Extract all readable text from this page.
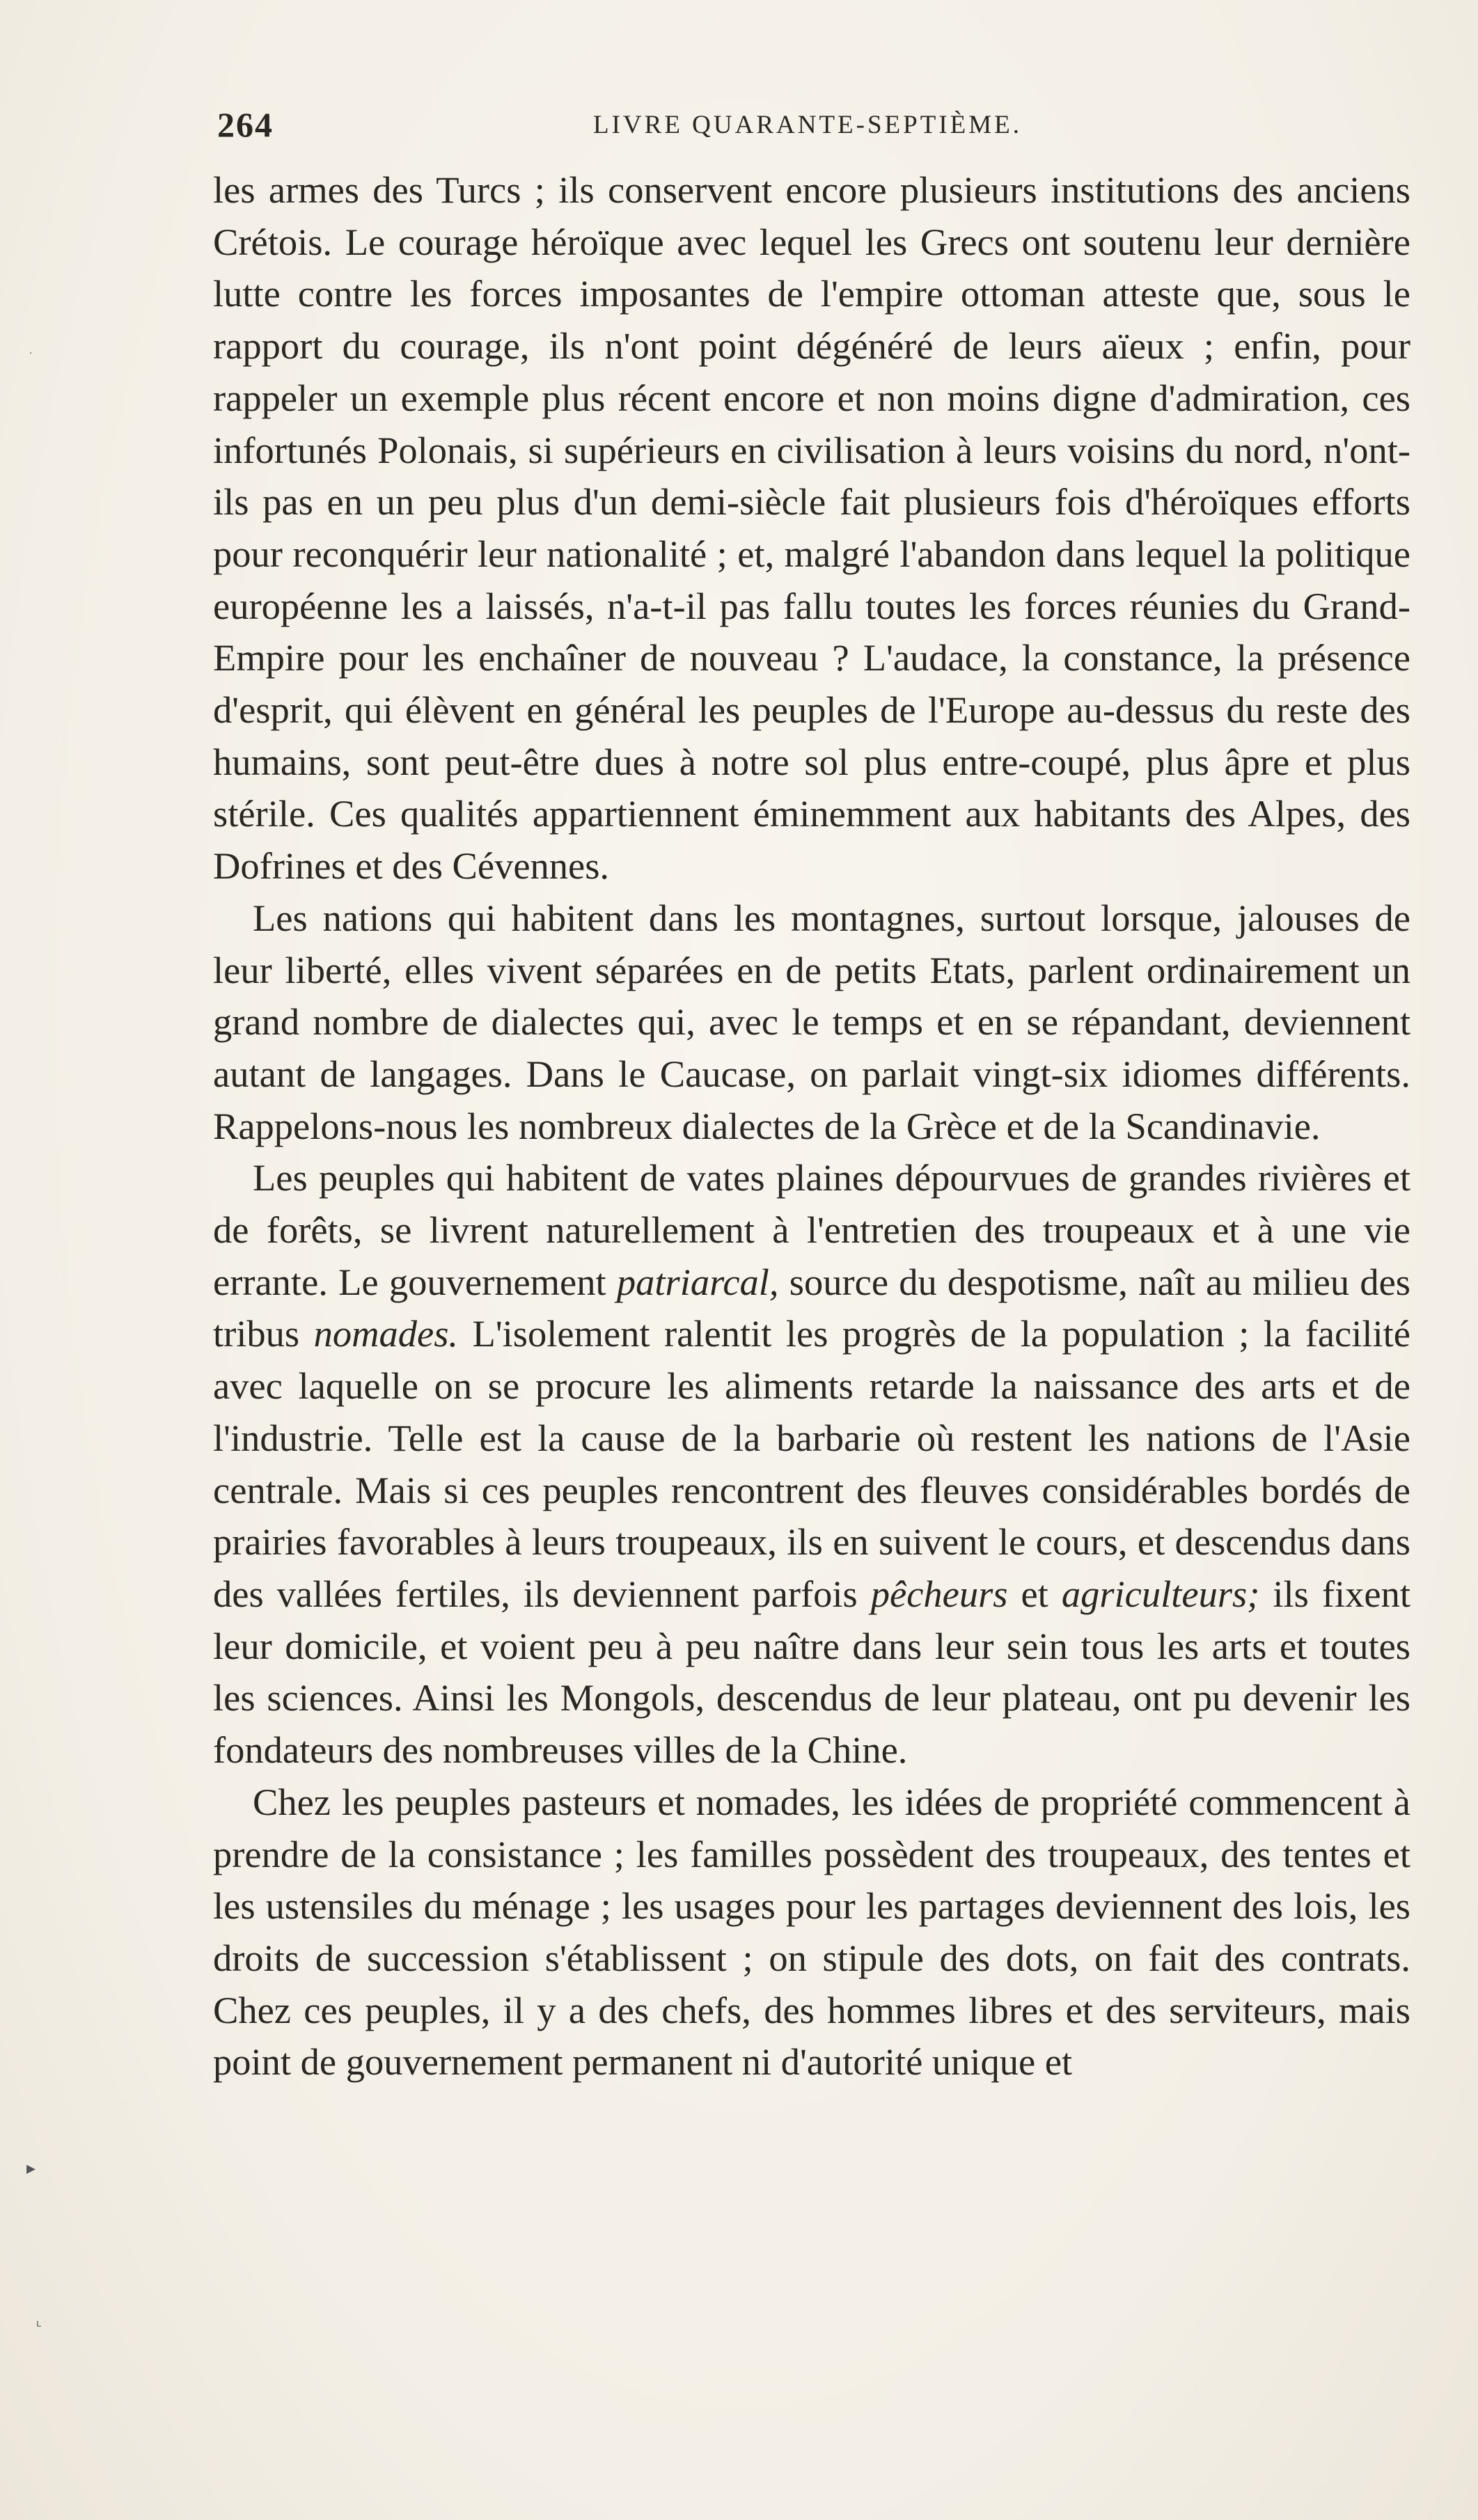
264	LIVRE QUARANTE-SEPTIÈME.

les armes des Turcs ; ils conservent encore plusieurs institutions des anciens Crétois. Le courage héroïque avec lequel les Grecs ont soutenu leur dernière lutte contre les forces imposantes de l'empire ottoman atteste que, sous le rapport du courage, ils n'ont point dégénéré de leurs aïeux ; enfin, pour rappeler un exemple plus récent encore et non moins digne d'admiration, ces infortunés Polonais, si supérieurs en civilisation à leurs voisins du nord, n'ont-ils pas en un peu plus d'un demi-siècle fait plusieurs fois d'héroïques efforts pour reconquérir leur nationalité ; et, malgré l'abandon dans lequel la politique européenne les a laissés, n'a-t-il pas fallu toutes les forces réunies du Grand-Empire pour les enchaîner de nouveau ? L'audace, la constance, la présence d'esprit, qui élèvent en général les peuples de l'Europe au-dessus du reste des humains, sont peut-être dues à notre sol plus entre-coupé, plus âpre et plus stérile. Ces qualités appartiennent éminemment aux habitants des Alpes, des Dofrines et des Cévennes.

Les nations qui habitent dans les montagnes, surtout lorsque, jalouses de leur liberté, elles vivent séparées en de petits Etats, parlent ordinairement un grand nombre de dialectes qui, avec le temps et en se répandant, deviennent autant de langages. Dans le Caucase, on parlait vingt-six idiomes différents. Rappelons-nous les nombreux dialectes de la Grèce et de la Scandinavie.

Les peuples qui habitent de vates plaines dépourvues de grandes rivières et de forêts, se livrent naturellement à l'entretien des troupeaux et à une vie errante. Le gouvernement patriarcal, source du despotisme, naît au milieu des tribus nomades. L'isolement ralentit les progrès de la population ; la facilité avec laquelle on se procure les aliments retarde la naissance des arts et de l'industrie. Telle est la cause de la barbarie où restent les nations de l'Asie centrale. Mais si ces peuples rencontrent des fleuves considérables bordés de prairies favorables à leurs troupeaux, ils en suivent le cours, et descendus dans des vallées fertiles, ils deviennent parfois pêcheurs et agriculteurs; ils fixent leur domicile, et voient peu à peu naître dans leur sein tous les arts et toutes les sciences. Ainsi les Mongols, descendus de leur plateau, ont pu devenir les fondateurs des nombreuses villes de la Chine.

Chez les peuples pasteurs et nomades, les idées de propriété commencent à prendre de la consistance ; les familles possèdent des troupeaux, des tentes et les ustensiles du ménage ; les usages pour les partages deviennent des lois, les droits de succession s'établissent ; on stipule des dots, on fait des contrats. Chez ces peuples, il y a des chefs, des hommes libres et des serviteurs, mais point de gouvernement permanent ni d'autorité unique et

·
▸
ʟ
